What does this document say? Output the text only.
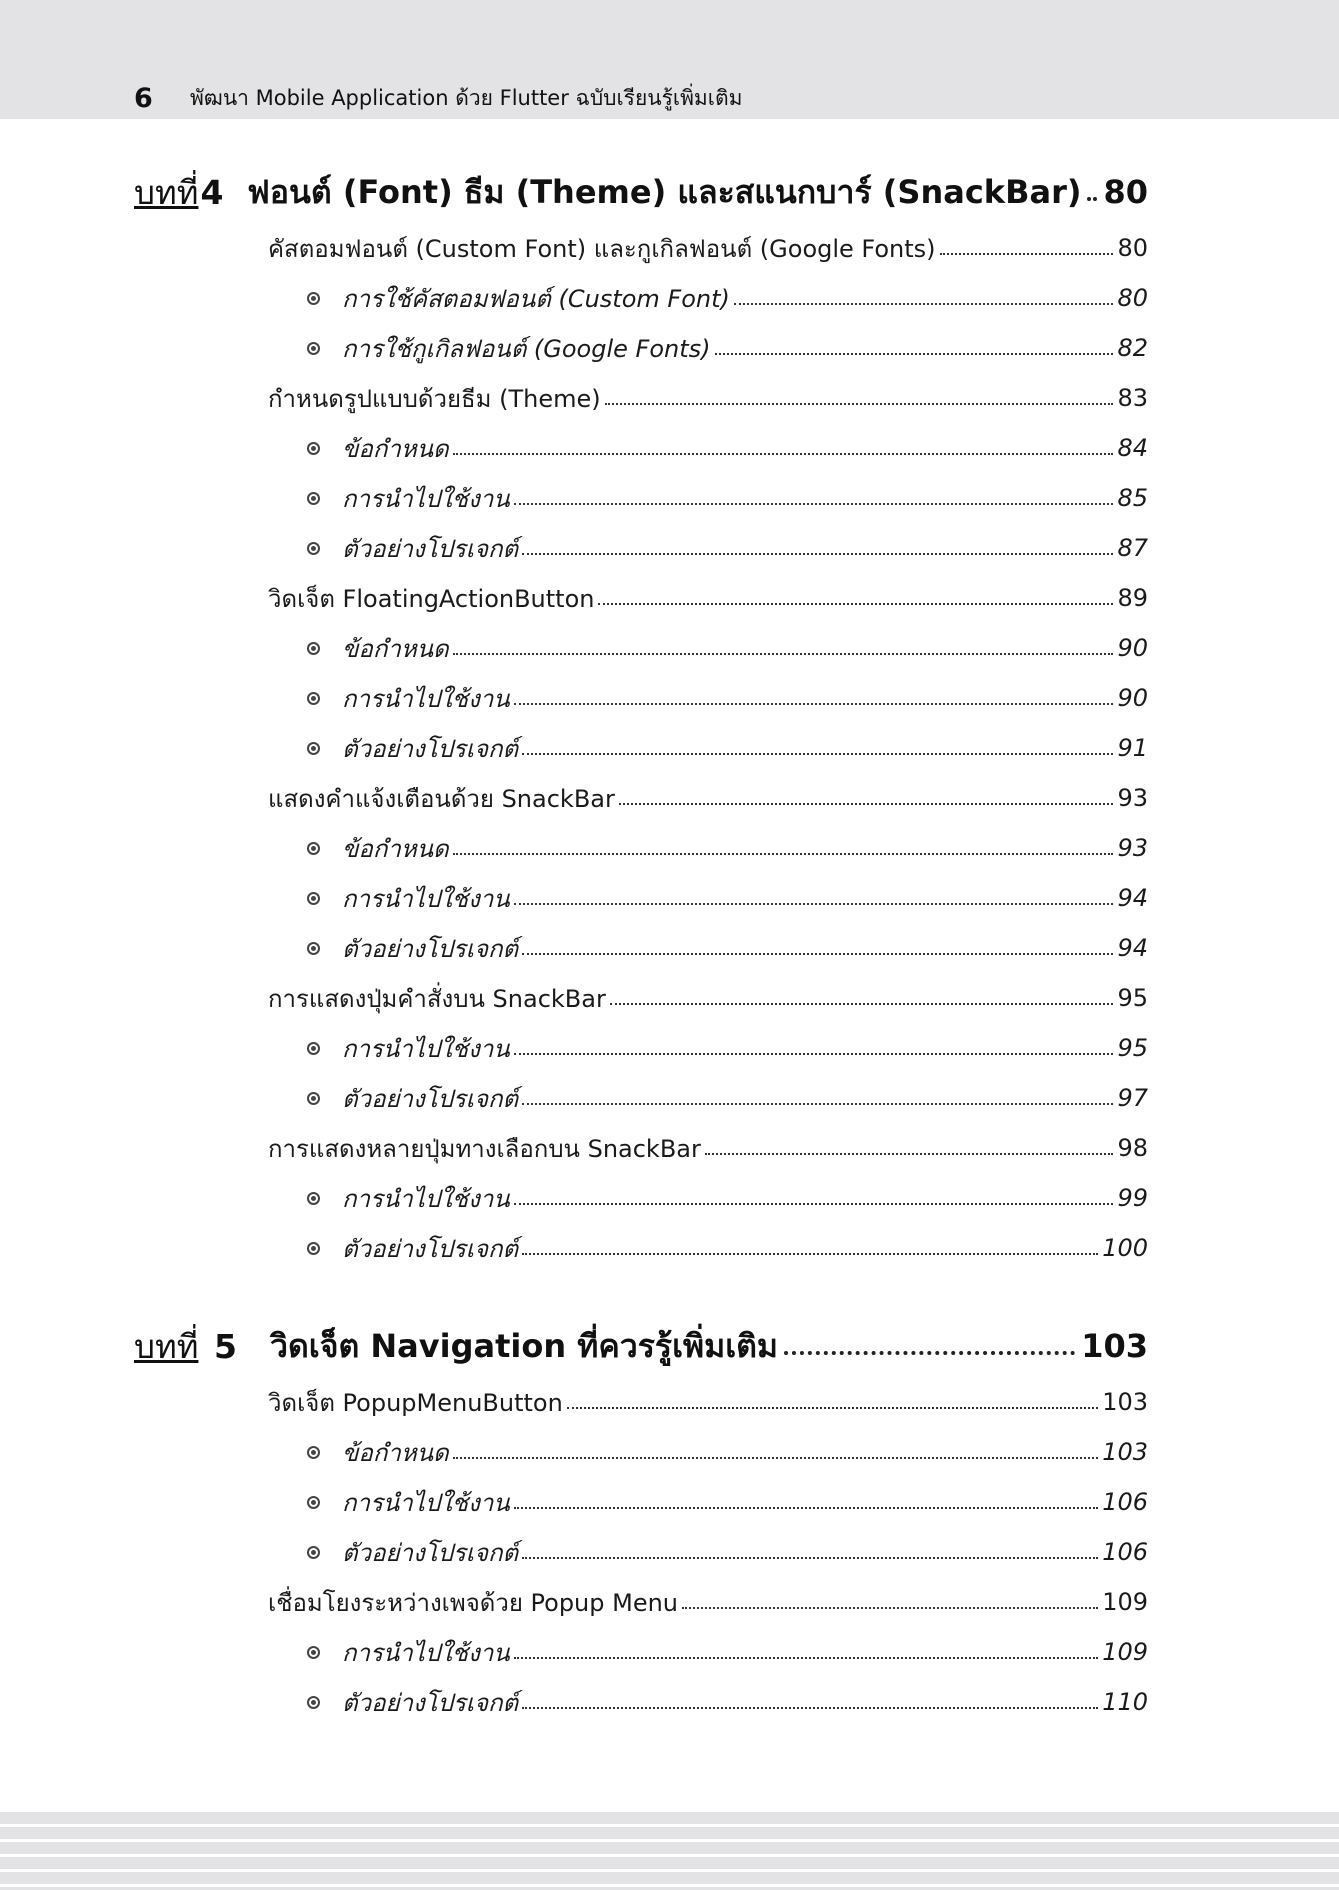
6	พัฒนา Mobile Application ด้วย Flutter ฉบับเรียนรู้เพิ่มเติม
บทที่ 4 ฟอนต์ (Font) ธีม (Theme) และสแนกบาร์ (SnackBar) 80
คัสตอมฟอนต์ (Custom Font) และกูเกิลฟอนต์ (Google Fonts)	80
การใช้คัสตอมฟอนต์ (Custom Font)	80
การใช้กูเกิลฟอนต์ (Google Fonts)	82
กำหนดรูปแบบด้วยธีม (Theme)	83
ข้อกำหนด	84
การนำไปใช้งาน	85
ตัวอย่างโปรเจกต์	87
วิดเจ็ต FloatingActionButton	89
ข้อกำหนด	90
การนำไปใช้งาน	90
ตัวอย่างโปรเจกต์	91
แสดงคำแจ้งเตือนด้วย SnackBar	93
ข้อกำหนด	93
การนำไปใช้งาน	94
ตัวอย่างโปรเจกต์	94
การแสดงปุ่มคำสั่งบน SnackBar	95
การนำไปใช้งาน	95
ตัวอย่างโปรเจกต์	97
การแสดงหลายปุ่มทางเลือกบน SnackBar	98
การนำไปใช้งาน	99
ตัวอย่างโปรเจกต์	100
บทที่ 5	วิดเจ็ต Navigation ที่ควรรู้เพิ่มเติม	103
วิดเจ็ต PopupMenuButton	103
ข้อกำหนด	103
การนำไปใช้งาน	106
ตัวอย่างโปรเจกต์	106
เชื่อมโยงระหว่างเพจด้วย Popup Menu	109
การนำไปใช้งาน	109
ตัวอย่างโปรเจกต์	110
